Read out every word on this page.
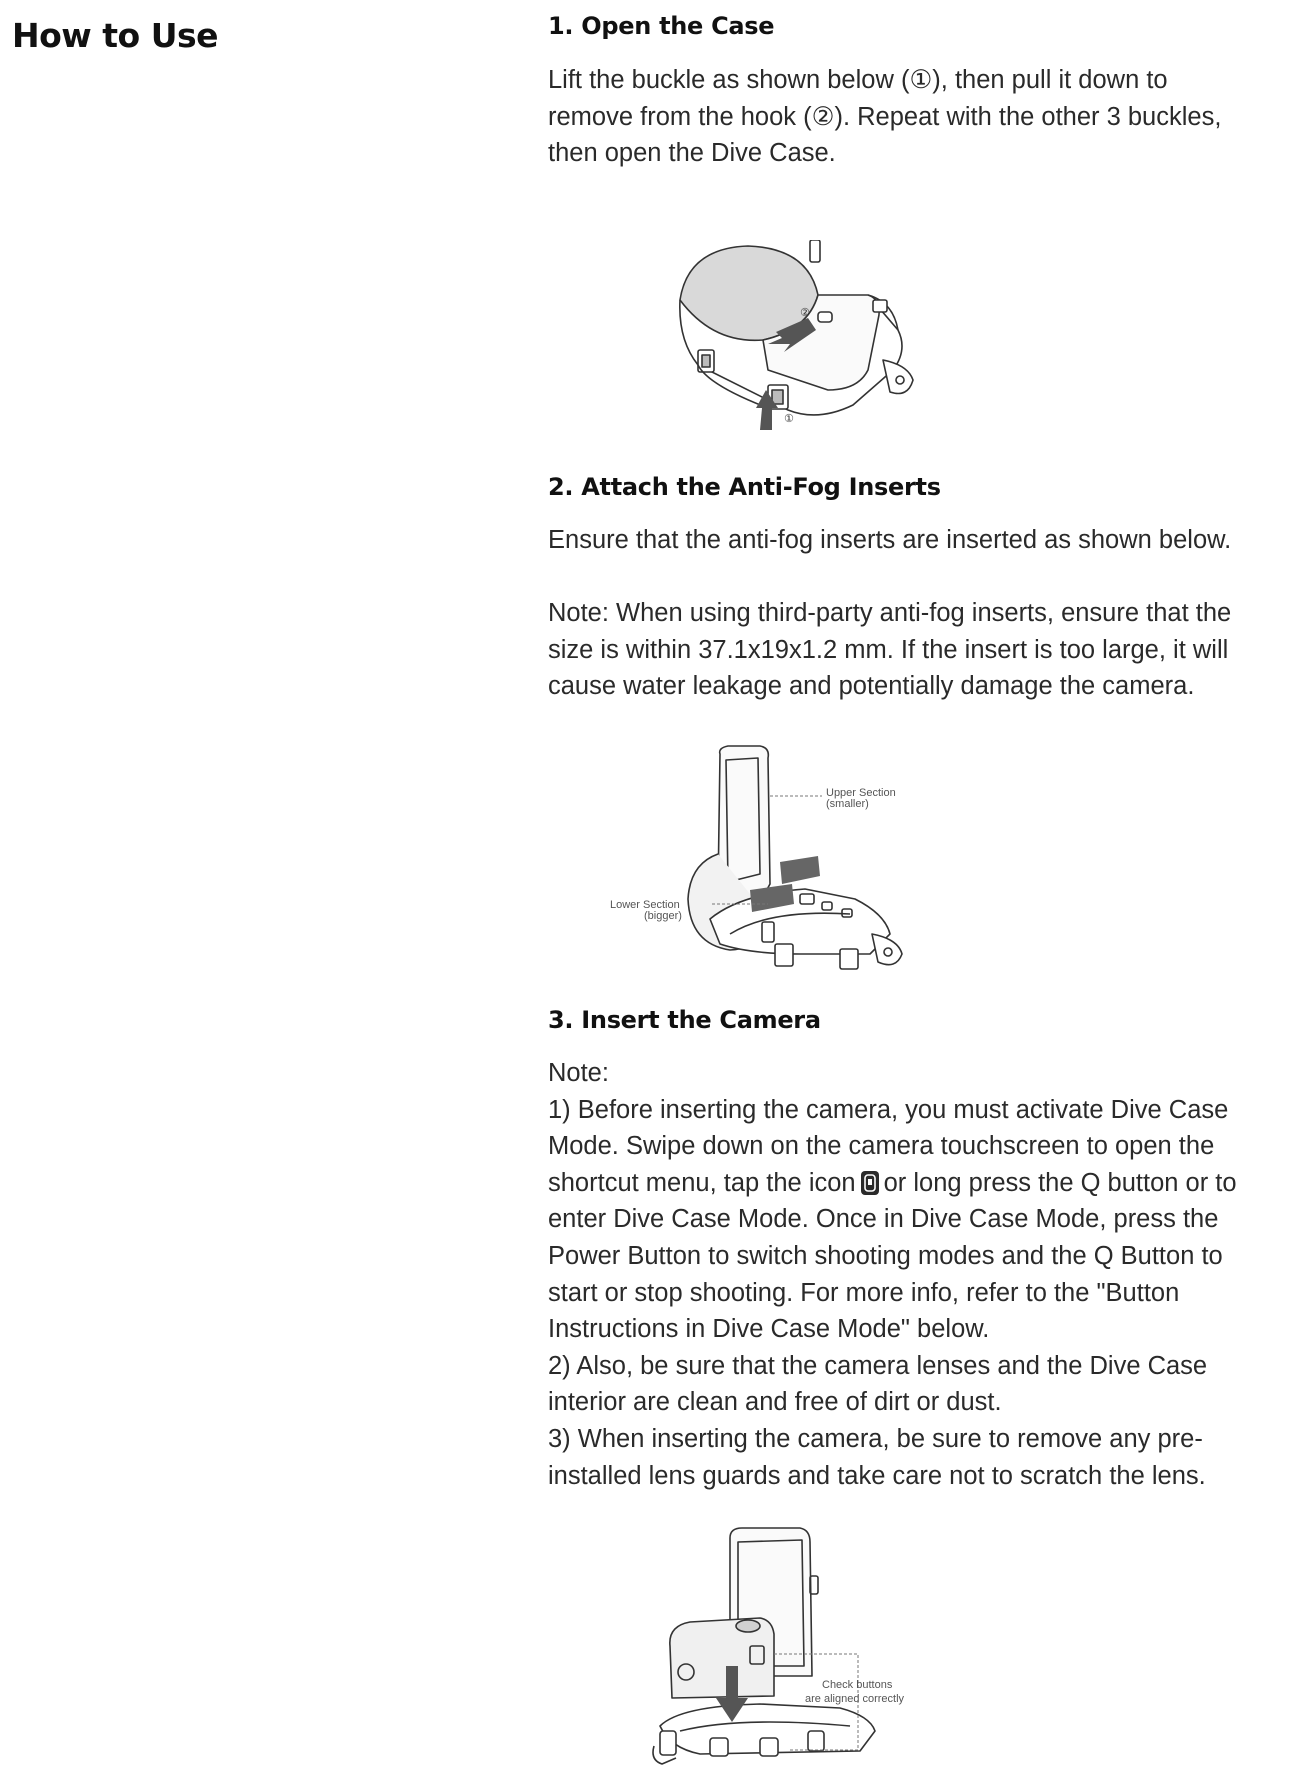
How to Use	1. Open the Case

Lift the buckle as shown below (①), then pull it down to remove from the hook (②). Repeat with the other 3 buckles, then open the Dive Case.

②
①
2. Attach the Anti-Fog Inserts

Ensure that the anti-fog inserts are inserted as shown below.

Note: When using third-party anti-fog inserts, ensure that the size is within 37.1x19x1.2 mm. If the insert is too large, it will cause water leakage and potentially damage the camera.

Upper Section
(smaller)
Lower Section
(bigger)
3. Insert the Camera

Note:

1) Before inserting the camera, you must activate Dive Case Mode. Swipe down on the camera touchscreen to open the shortcut menu, tap the icon or long press the Q button or to enter Dive Case Mode. Once in Dive Case Mode, press the Power Button to switch shooting modes and the Q Button to start or stop shooting. For more info, refer to the "Button Instructions in Dive Case Mode" below.

2) Also, be sure that the camera lenses and the Dive Case interior are clean and free of dirt or dust.

3) When inserting the camera, be sure to remove any pre-installed lens guards and take care not to scratch the lens.

Check buttons
are aligned correctly
